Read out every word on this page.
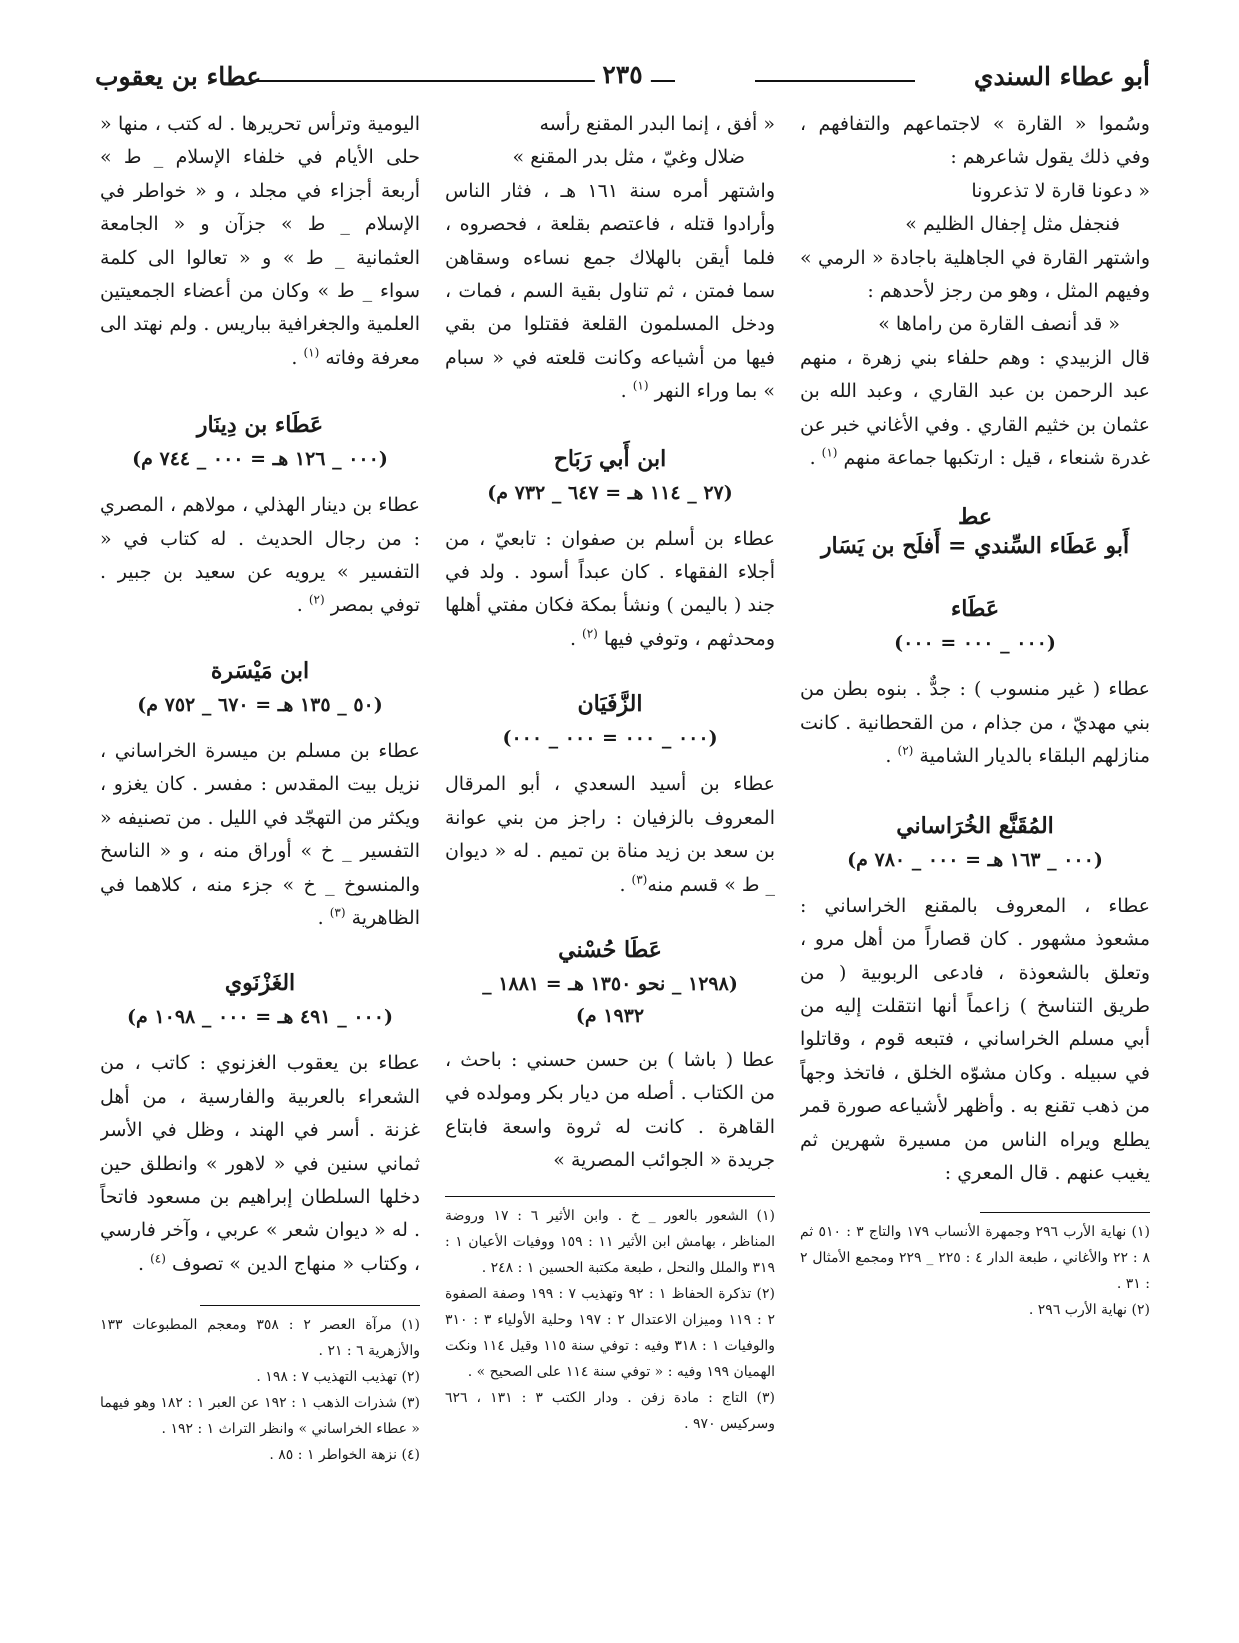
أبو عطاء السندي
٢٣٥
عطاء بن يعقوب

وسُموا « القارة » لاجتماعهم والتفافهم ، وفي ذلك يقول شاعرهم :

« دعونا قارة لا تذعرونا

فنجفل مثل إجفال الظليم »

واشتهر القارة في الجاهلية باجادة « الرمي » وفيهم المثل ، وهو من رجز لأحدهم :

« قد أنصف القارة من راماها »

قال الزبيدي : وهم حلفاء بني زهرة ، منهم عبد الرحمن بن عبد القاري ، وعبد الله بن عثمان بن خثيم القاري . وفي الأغاني خبر عن غدرة شنعاء ، قيل : ارتكبها جماعة منهم $^{(١)}$ .

عط

أَبو عَطَاء السِّندي = أَفلَح بن يَسَار

عَطَاء

(٠٠٠ _ ٠٠٠ = ٠٠٠)

عطاء ( غير منسوب ) : جدٌّ . بنوه بطن من بني مهديّ ، من جذام ، من القحطانية . كانت منازلهم البلقاء بالديار الشامية $^{(٢)}$ .

المُقَنَّع الخُرَاساني

(٠٠٠ _ ١٦٣ هـ = ٠٠٠ _ ٧٨٠ م)

عطاء ، المعروف بالمقنع الخراساني : مشعوذ مشهور . كان قصاراً من أهل مرو ، وتعلق بالشعوذة ، فادعى الربوبية ( من طريق التناسخ ) زاعماً أنها انتقلت إليه من أبي مسلم الخراساني ، فتبعه قوم ، وقاتلوا في سبيله . وكان مشوّه الخلق ، فاتخذ وجهاً من ذهب تقنع به . وأظهر لأشياعه صورة قمر يطلع ويراه الناس من مسيرة شهرين ثم يغيب عنهم . قال المعري :

(١) نهاية الأرب ٢٩٦ وجمهرة الأنساب ١٧٩ والتاج ٣ : ٥١٠ ثم ٨ : ٢٢ والأغاني ، طبعة الدار ٤ : ٢٢٥ _ ٢٢٩ ومجمع الأمثال ٢ : ٣١ .

(٢) نهاية الأرب ٢٩٦ .

« أفق ، إنما البدر المقنع رأسه

ضلال وغيّ ، مثل بدر المقنع »

واشتهر أمره سنة ١٦١ هـ ، فثار الناس وأرادوا قتله ، فاعتصم بقلعة ، فحصروه ، فلما أيقن بالهلاك جمع نساءه وسقاهن سما فمتن ، ثم تناول بقية السم ، فمات ، ودخل المسلمون القلعة فقتلوا من بقي فيها من أشياعه وكانت قلعته في « سبام » بما وراء النهر $^{(١)}$ .

ابن أَبي رَبَاح

(٢٧ _ ١١٤ هـ = ٦٤٧ _ ٧٣٢ م)

عطاء بن أسلم بن صفوان : تابعيّ ، من أجلاء الفقهاء . كان عبداً أسود . ولد في جند ( باليمن ) ونشأ بمكة فكان مفتي أهلها ومحدثهم ، وتوفي فيها $^{(٢)}$ .

الزَّفَيَان

(٠٠٠ _ ٠٠٠ = ٠٠٠ _ ٠٠٠)

عطاء بن أسيد السعدي ، أبو المرقال المعروف بالزفيان : راجز من بني عوانة بن سعد بن زيد مناة بن تميم . له « ديوان _ ط » قسم منه$^{(٣)}$ .

عَطَا حُسْني

(١٢٩٨ _ نحو ١٣٥٠ هـ = ١٨٨١ _

١٩٣٢ م)

عطا ( باشا ) بن حسن حسني : باحث ، من الكتاب . أصله من ديار بكر ومولده في القاهرة . كانت له ثروة واسعة فابتاع جريدة « الجوائب المصرية »

(١) الشعور بالعور _ خ . وابن الأثير ٦ : ١٧ وروضة المناظر ، بهامش ابن الأثير ١١ : ١٥٩ ووفيات الأعيان ١ : ٣١٩ والملل والنحل ، طبعة مكتبة الحسين ١ : ٢٤٨ .

(٢) تذكرة الحفاظ ١ : ٩٢ وتهذيب ٧ : ١٩٩ وصفة الصفوة ٢ : ١١٩ وميزان الاعتدال ٢ : ١٩٧ وحلية الأولياء ٣ : ٣١٠ والوفيات ١ : ٣١٨ وفيه : توفي سنة ١١٥ وقيل ١١٤ ونكت الهميان ١٩٩ وفيه : « توفي سنة ١١٤ على الصحيح » .

(٣) التاج : مادة زفن . ودار الكتب ٣ : ١٣١ ، ٦٢٦ وسركيس ٩٧٠ .

اليومية وترأس تحريرها . له كتب ، منها « حلى الأيام في خلفاء الإسلام _ ط » أربعة أجزاء في مجلد ، و « خواطر في الإسلام _ ط » جزآن و « الجامعة العثمانية _ ط » و « تعالوا الى كلمة سواء _ ط » وكان من أعضاء الجمعيتين العلمية والجغرافية بباريس . ولم نهتد الى معرفة وفاته $^{(١)}$ .

عَطَاء بن دِينَار

(٠٠٠ _ ١٢٦ هـ = ٠٠٠ _ ٧٤٤ م)

عطاء بن دينار الهذلي ، مولاهم ، المصري : من رجال الحديث . له كتاب في « التفسير » يرويه عن سعيد بن جبير . توفي بمصر $^{(٢)}$ .

ابن مَيْسَرة

(٥٠ _ ١٣٥ هـ = ٦٧٠ _ ٧٥٢ م)

عطاء بن مسلم بن ميسرة الخراساني ، نزيل بيت المقدس : مفسر . كان يغزو ، ويكثر من التهجّد في الليل . من تصنيفه « التفسير _ خ » أوراق منه ، و « الناسخ والمنسوخ _ خ » جزء منه ، كلاهما في الظاهرية $^{(٣)}$ .

الغَزْنَوي

(٠٠٠ _ ٤٩١ هـ = ٠٠٠ _ ١٠٩٨ م)

عطاء بن يعقوب الغزنوي : كاتب ، من الشعراء بالعربية والفارسية ، من أهل غزنة . أسر في الهند ، وظل في الأسر ثماني سنين في « لاهور » وانطلق حين دخلها السلطان إبراهيم بن مسعود فاتحاً . له « ديوان شعر » عربي ، وآخر فارسي ، وكتاب « منهاج الدين » تصوف $^{(٤)}$ .

(١) مرآة العصر ٢ : ٣٥٨ ومعجم المطبوعات ١٣٣ والأزهرية ٦ : ٢١ .

(٢) تهذيب التهذيب ٧ : ١٩٨ .

(٣) شذرات الذهب ١ : ١٩٢ عن العبر ١ : ١٨٢ وهو فيهما « عطاء الخراساني » وانظر التراث ١ : ١٩٢ .

(٤) نزهة الخواطر ١ : ٨٥ .
